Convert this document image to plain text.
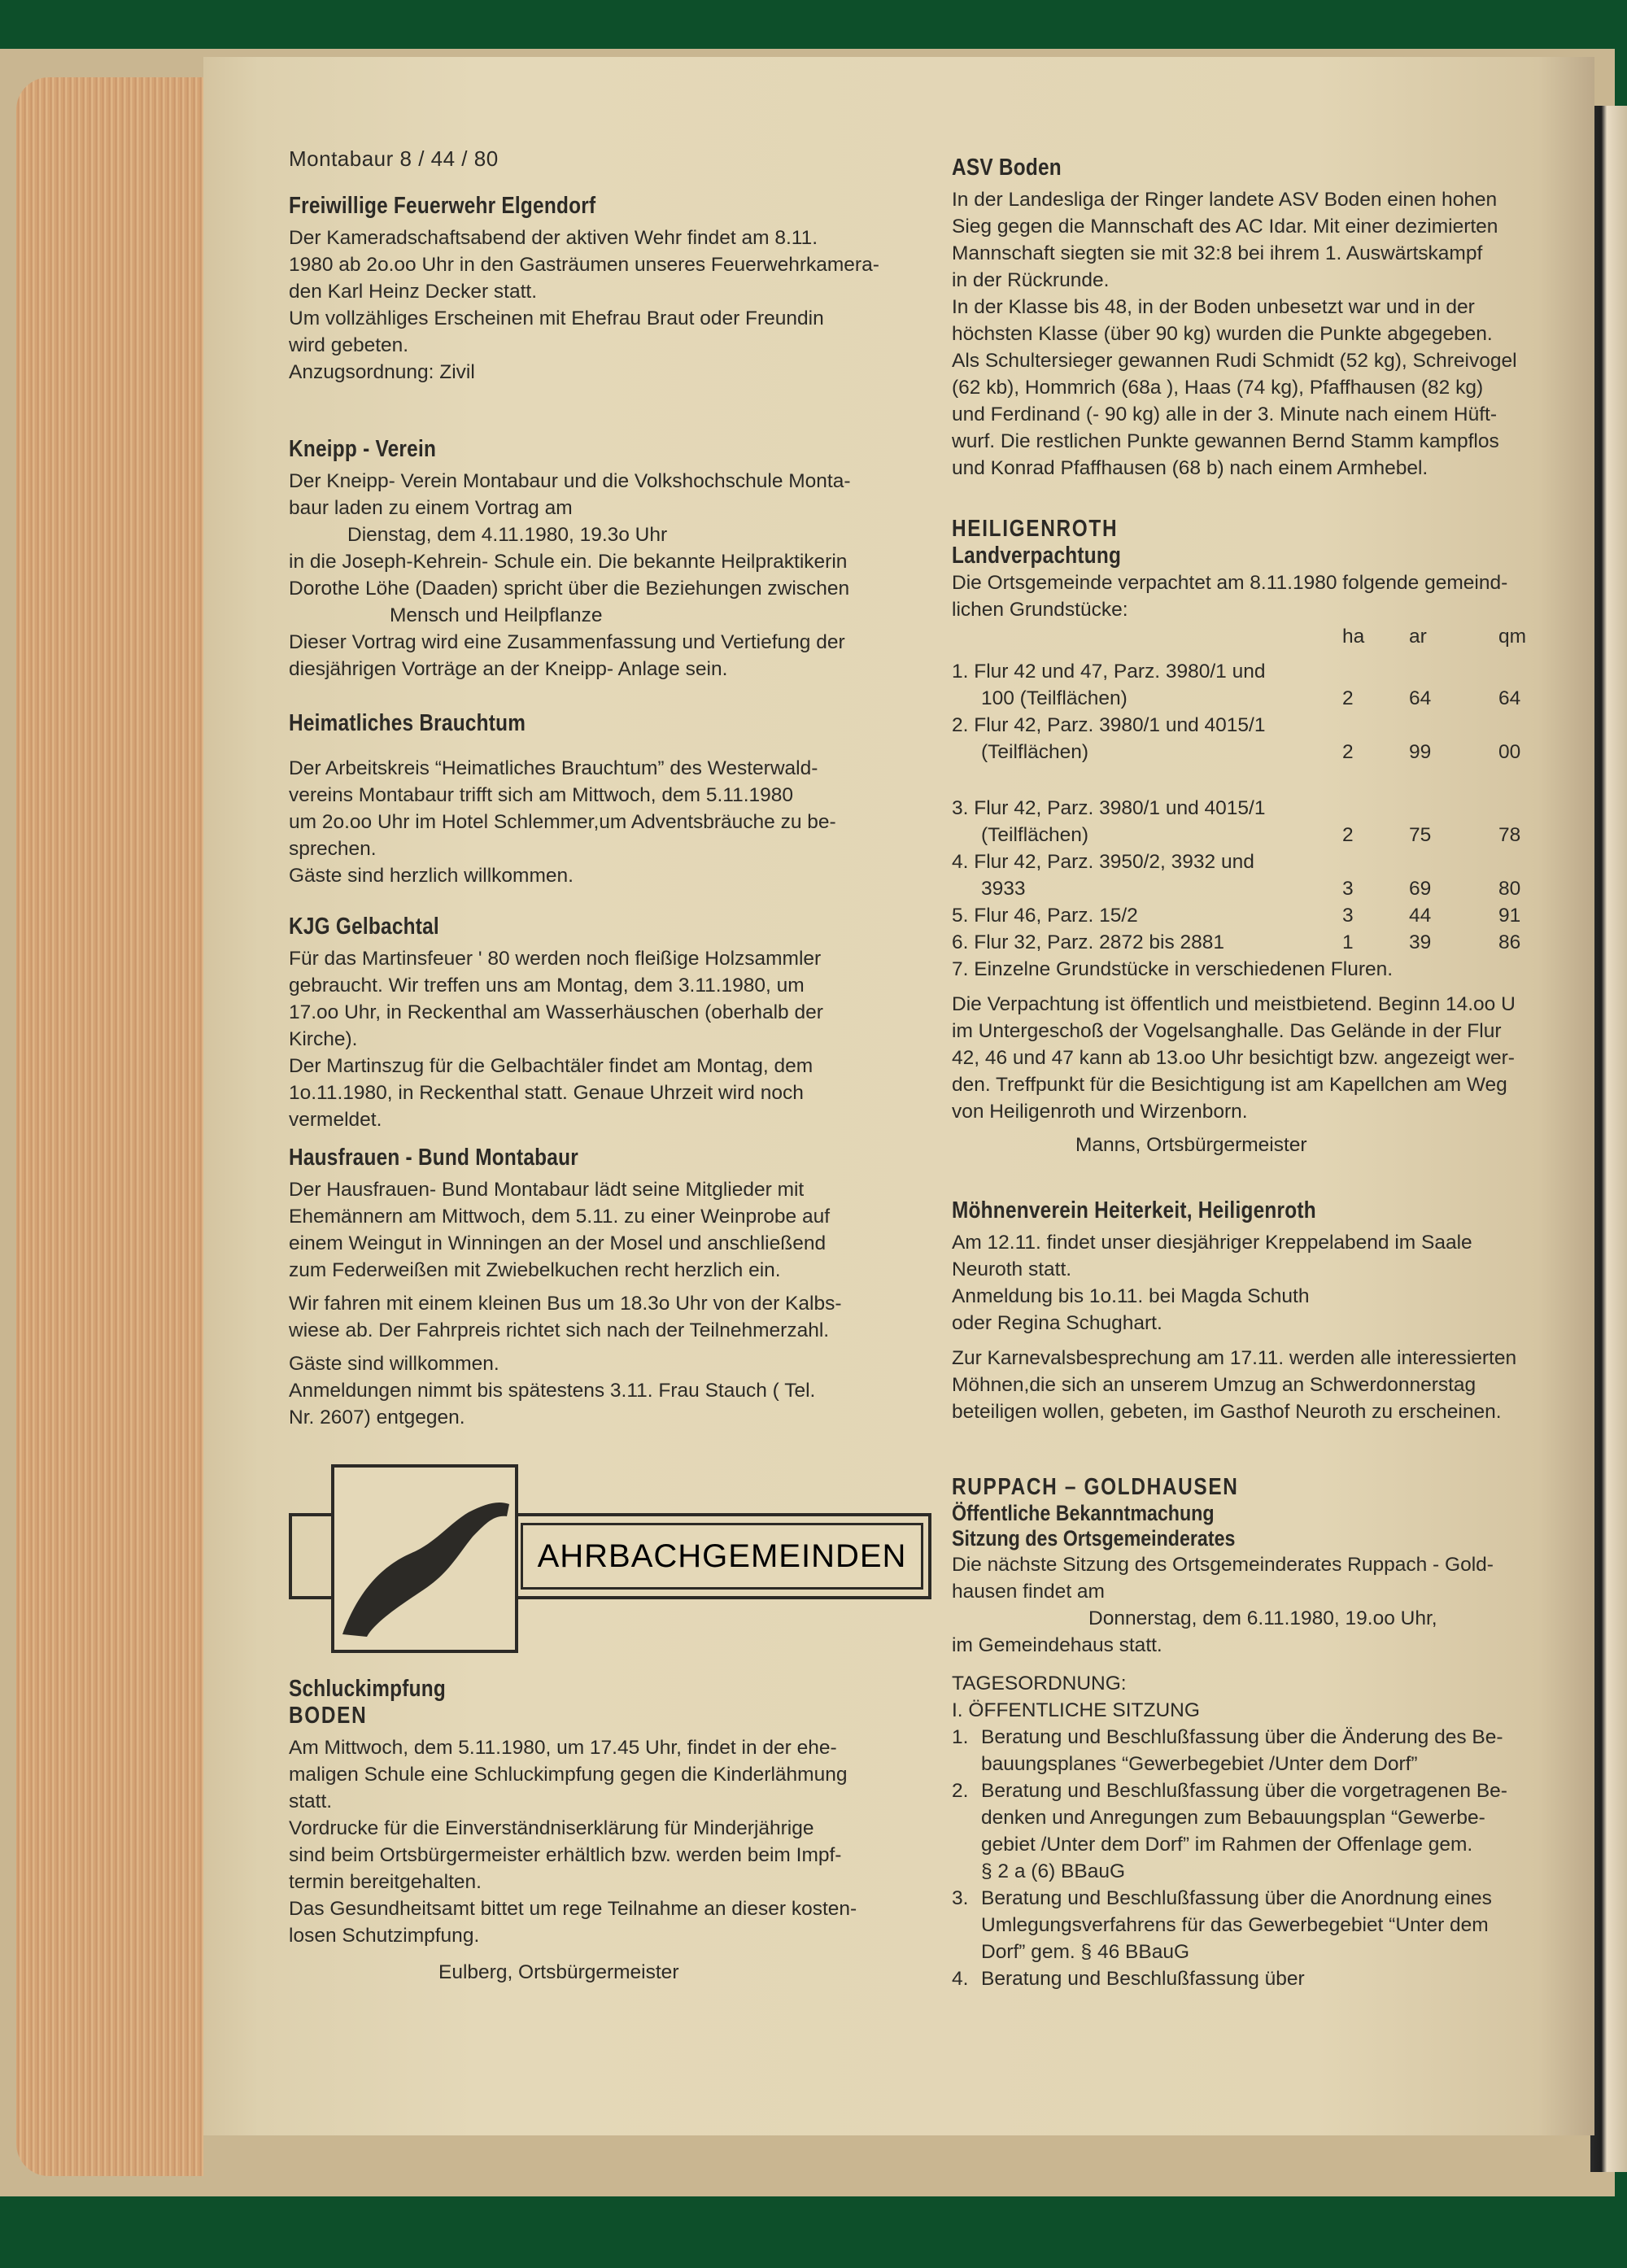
Montabaur 8 / 44 / 80
Freiwillige Feuerwehr Elgendorf

Der Kameradschaftsabend der aktiven Wehr findet am 8.11.

1980 ab 2o.oo Uhr in den Gasträumen unseres Feuerwehrkamera-

den Karl Heinz Decker statt.

Um vollzähliges Erscheinen mit Ehefrau Braut oder Freundin

wird gebeten.

Anzugsordnung: Zivil

Kneipp - Verein

Der Kneipp- Verein Montabaur und die Volkshochschule Monta-

baur laden zu einem Vortrag am

Dienstag, dem 4.11.1980, 19.3o Uhr

in die Joseph-Kehrein- Schule ein. Die bekannte Heilpraktikerin

Dorothe Löhe (Daaden) spricht über die Beziehungen zwischen

Mensch und Heilpflanze

Dieser Vortrag wird eine Zusammenfassung und Vertiefung der

diesjährigen Vorträge an der Kneipp- Anlage sein.

Heimatliches Brauchtum

Der Arbeitskreis “Heimatliches Brauchtum” des Westerwald-

vereins Montabaur trifft sich am Mittwoch, dem 5.11.1980

um 2o.oo Uhr im Hotel Schlemmer,um Adventsbräuche zu be-

sprechen.

Gäste sind herzlich willkommen.

KJG Gelbachtal

Für das Martinsfeuer ' 80 werden noch fleißige Holzsammler

gebraucht. Wir treffen uns am Montag, dem 3.11.1980, um

17.oo Uhr, in Reckenthal am Wasserhäuschen (oberhalb der

Kirche).

Der Martinszug für die Gelbachtäler findet am Montag, dem

1o.11.1980, in Reckenthal statt. Genaue Uhrzeit wird noch

vermeldet.

Hausfrauen - Bund Montabaur

Der Hausfrauen- Bund Montabaur lädt seine Mitglieder mit

Ehemännern am Mittwoch, dem 5.11. zu einer Weinprobe auf

einem Weingut in Winningen an der Mosel und anschließend

zum Federweißen mit Zwiebelkuchen recht herzlich ein.

Wir fahren mit einem kleinen Bus um 18.3o Uhr von der Kalbs-

wiese ab. Der Fahrpreis richtet sich nach der Teilnehmerzahl.

Gäste sind willkommen.

Anmeldungen nimmt bis spätestens 3.11. Frau Stauch ( Tel.

Nr. 2607) entgegen.

AHRBACHGEMEINDEN
Schluckimpfung
BODEN

Am Mittwoch, dem 5.11.1980, um 17.45 Uhr, findet in der ehe-

maligen Schule eine Schluckimpfung gegen die Kinderlähmung

statt.

Vordrucke für die Einverständniserklärung für Minderjährige

sind beim Ortsbürgermeister erhältlich bzw. werden beim Impf-

termin bereitgehalten.

Das Gesundheitsamt bittet um rege Teilnahme an dieser kosten-

losen Schutzimpfung.

Eulberg, Ortsbürgermeister

ASV Boden

In der Landesliga der Ringer landete ASV Boden einen hohen

Sieg gegen die Mannschaft des AC Idar. Mit einer dezimierten

Mannschaft siegten sie mit 32:8 bei ihrem 1. Auswärtskampf

in der Rückrunde.

In der Klasse bis 48, in der Boden unbesetzt war und in der

höchsten Klasse (über 90 kg) wurden die Punkte abgegeben.

Als Schultersieger gewannen Rudi Schmidt (52 kg), Schreivogel

(62 kb), Hommrich (68a ), Haas (74 kg), Pfaffhausen (82 kg)

und Ferdinand (- 90 kg) alle in der 3. Minute nach einem Hüft-

wurf. Die restlichen Punkte gewannen Bernd Stamm kampflos

und Konrad Pfaffhausen (68 b) nach einem Armhebel.

HEILIGENROTH
Landverpachtung

Die Ortsgemeinde verpachtet am 8.11.1980 folgende gemeind-

lichen Grundstücke:

	ha	ar	qm

1. Flur 42 und 47, Parz. 3980/1 und
100 (Teilflächen)	2	64	64
2. Flur 42, Parz. 3980/1 und 4015/1
(Teilflächen)	2	99	00

3. Flur 42, Parz. 3980/1 und 4015/1
(Teilflächen)	2	75	78
4. Flur 42, Parz. 3950/2, 3932 und
3933	3	69	80
5. Flur 46, Parz. 15/2	3	44	91
6. Flur 32, Parz. 2872 bis 2881	1	39	86
7. Einzelne Grundstücke in verschiedenen Fluren.			

Die Verpachtung ist öffentlich und meistbietend. Beginn 14.oo U

im Untergeschoß der Vogelsanghalle. Das Gelände in der Flur

42, 46 und 47 kann ab 13.oo Uhr besichtigt bzw. angezeigt wer-

den. Treffpunkt für die Besichtigung ist am Kapellchen am Weg

von Heiligenroth und Wirzenborn.

Manns, Ortsbürgermeister

Möhnenverein Heiterkeit, Heiligenroth

Am 12.11. findet unser diesjähriger Kreppelabend im Saale

Neuroth statt.

Anmeldung bis 1o.11. bei Magda Schuth

oder Regina Schughart.

Zur Karnevalsbesprechung am 17.11. werden alle interessierten

Möhnen,die sich an unserem Umzug an Schwerdonnerstag

beteiligen wollen, gebeten, im Gasthof Neuroth zu erscheinen.

RUPPACH – GOLDHAUSEN
Öffentliche Bekanntmachung
Sitzung des Ortsgemeinderates

Die nächste Sitzung des Ortsgemeinderates Ruppach - Gold-

hausen findet am

Donnerstag, dem 6.11.1980, 19.oo Uhr,

im Gemeindehaus statt.

TAGESORDNUNG:

I. ÖFFENTLICHE SITZUNG

1. Beratung und Beschlußfassung über die Änderung des Be-
bauungsplanes “Gewerbegebiet /Unter dem Dorf”
2. Beratung und Beschlußfassung über die vorgetragenen Be-
denken und Anregungen zum Bebauungsplan “Gewerbe-
gebiet /Unter dem Dorf” im Rahmen der Offenlage gem.
§ 2 a (6) BBauG
3. Beratung und Beschlußfassung über die Anordnung eines
Umlegungsverfahrens für das Gewerbegebiet “Unter dem
Dorf” gem. § 46 BBauG
4. Beratung und Beschlußfassung über
